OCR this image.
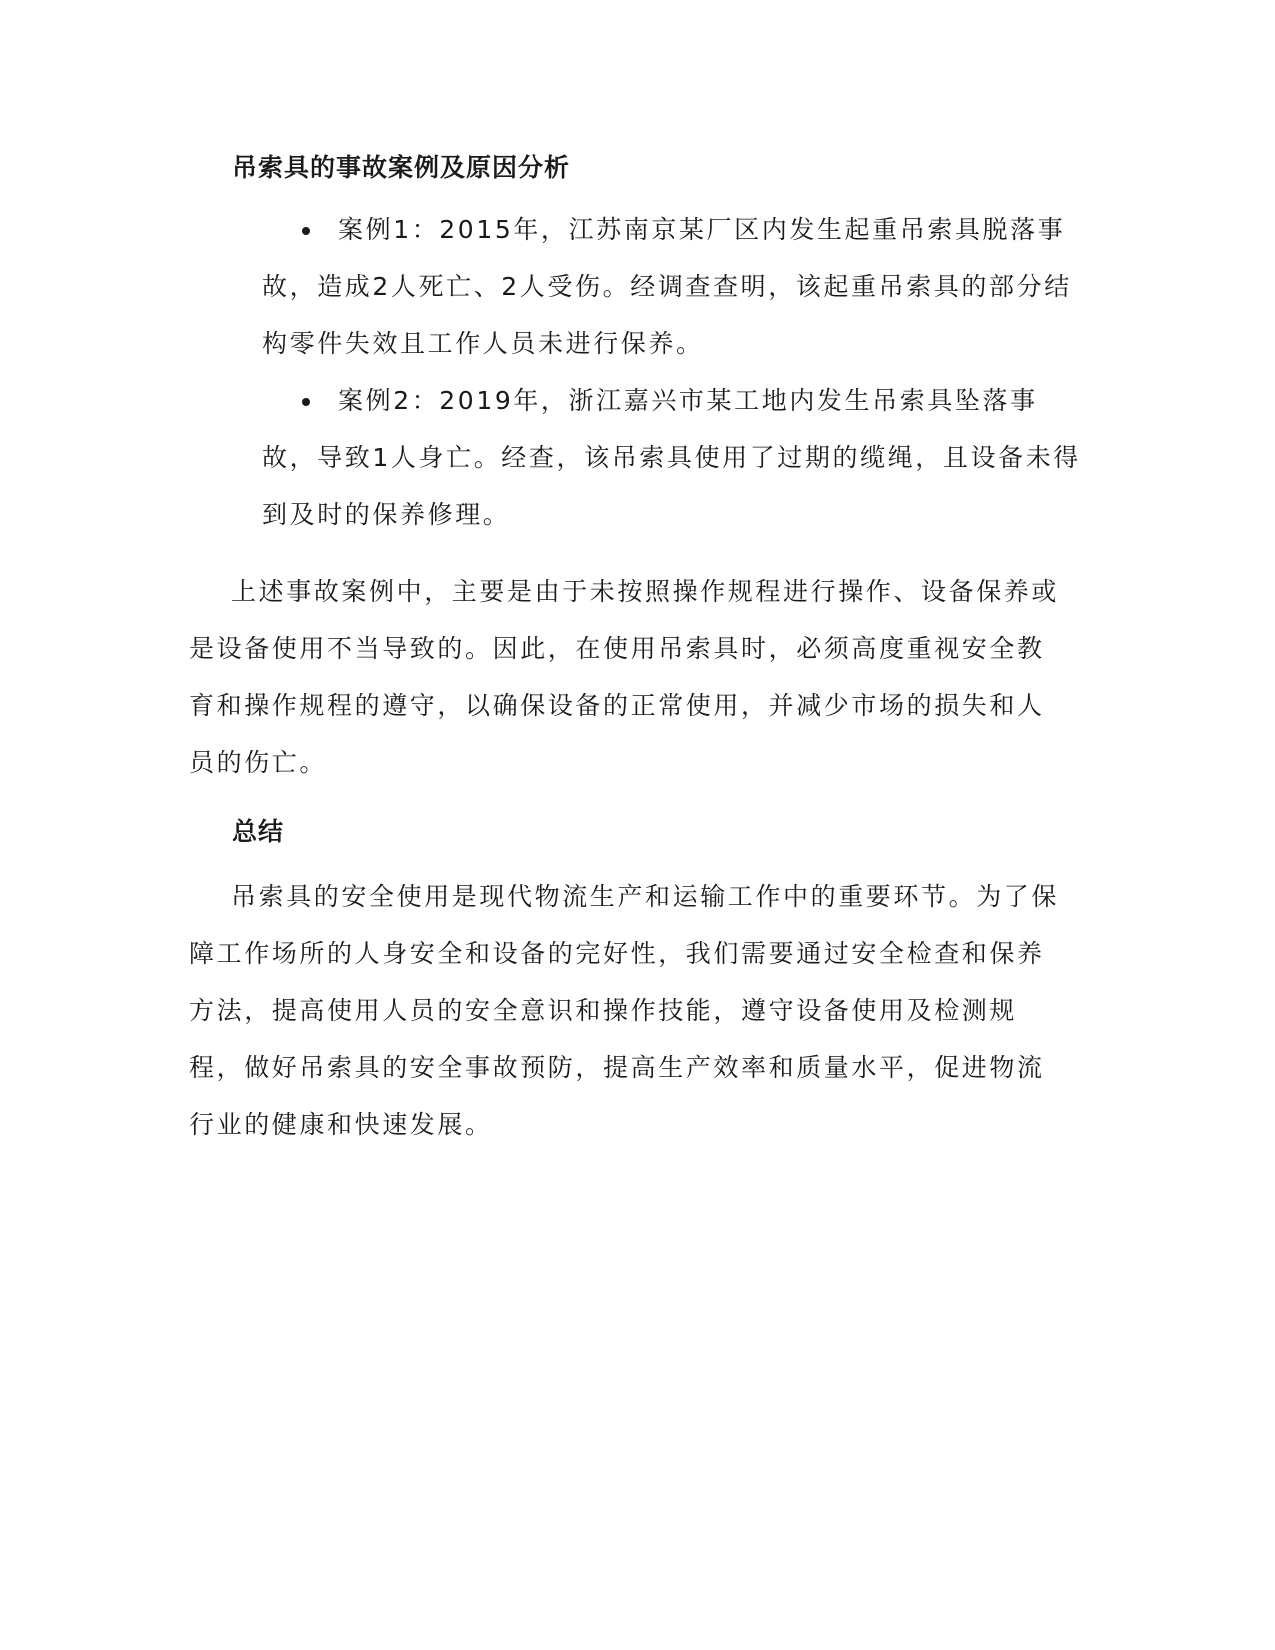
吊索具的事故案例及原因分析
案例1：2015年，江苏南京某厂区内发生起重吊索具脱落事故，造成2人死亡、2人受伤。经调查查明，该起重吊索具的部分结构零件失效且工作人员未进行保养。
案例2：2019年，浙江嘉兴市某工地内发生吊索具坠落事故，导致1人身亡。经查，该吊索具使用了过期的缆绳，且设备未得到及时的保养修理。

上述事故案例中，主要是由于未按照操作规程进行操作、设备保养或是设备使用不当导致的。因此，在使用吊索具时，必须高度重视安全教育和操作规程的遵守，以确保设备的正常使用，并减少市场的损失和人员的伤亡。

总结

吊索具的安全使用是现代物流生产和运输工作中的重要环节。为了保障工作场所的人身安全和设备的完好性，我们需要通过安全检查和保养方法，提高使用人员的安全意识和操作技能，遵守设备使用及检测规程，做好吊索具的安全事故预防，提高生产效率和质量水平，促进物流行业的健康和快速发展。
